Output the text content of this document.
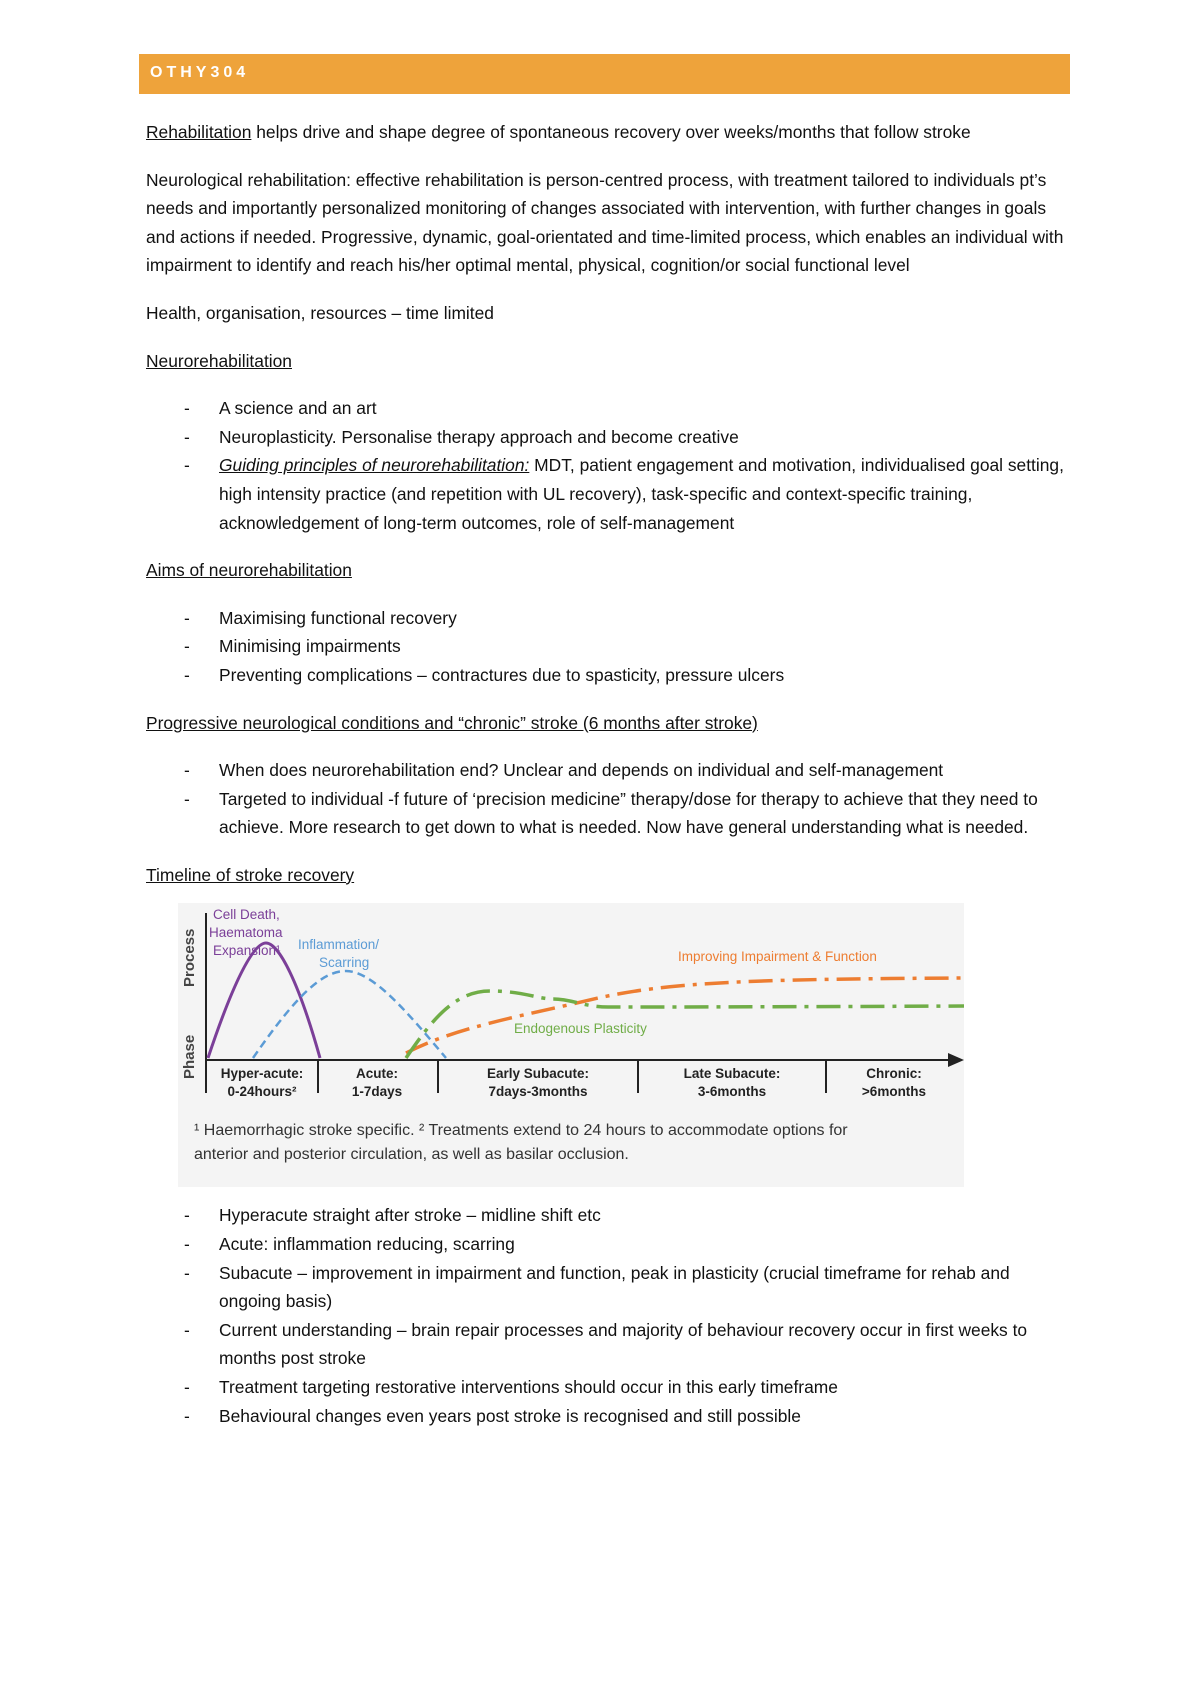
OTHY304

Rehabilitation helps drive and shape degree of spontaneous recovery over weeks/months that follow stroke

Neurological rehabilitation: effective rehabilitation is person-centred process, with treatment tailored to individuals pt’s needs and importantly personalized monitoring of changes associated with intervention, with further changes in goals and actions if needed. Progressive, dynamic, goal-orientated and time-limited process, which enables an individual with impairment to identify and reach his/her optimal mental, physical, cognition/or social functional level

Health, organisation, resources – time limited

Neurorehabilitation

- A science and an art
- Neuroplasticity. Personalise therapy approach and become creative
- Guiding principles of neurorehabilitation: MDT, patient engagement and motivation, individualised goal setting, high intensity practice (and repetition with UL recovery), task-specific and context-specific training, acknowledgement of long-term outcomes, role of self-management

Aims of neurorehabilitation

- Maximising functional recovery
- Minimising impairments
- Preventing complications – contractures due to spasticity, pressure ulcers

Progressive neurological conditions and “chronic” stroke (6 months after stroke)

- When does neurorehabilitation end? Unclear and depends on individual and self-management
- Targeted to individual -f future of ‘precision medicine” therapy/dose for therapy to achieve that they need to achieve. More research to get down to what is needed. Now have general understanding what is needed.

Timeline of stroke recovery

Process
Phase
Cell Death, Haematoma Expansion¹	Inflammation/ Scarring	Improving Impairment & Function
Endogenous Plasticity
Hyper-acute:
0-24hours²
Acute:
1-7days
Early Subacute:
7days-3months
Late Subacute:
3-6months
Chronic:
>6months
¹ Haemorrhagic stroke specific. ² Treatments extend to 24 hours to accommodate options for
anterior and posterior circulation, as well as basilar occlusion.
- Hyperacute straight after stroke – midline shift etc
- Acute: inflammation reducing, scarring
- Subacute – improvement in impairment and function, peak in plasticity (crucial timeframe for rehab and ongoing basis)
- Current understanding – brain repair processes and majority of behaviour recovery occur in first weeks to months post stroke
- Treatment targeting restorative interventions should occur in this early timeframe
- Behavioural changes even years post stroke is recognised and still possible
